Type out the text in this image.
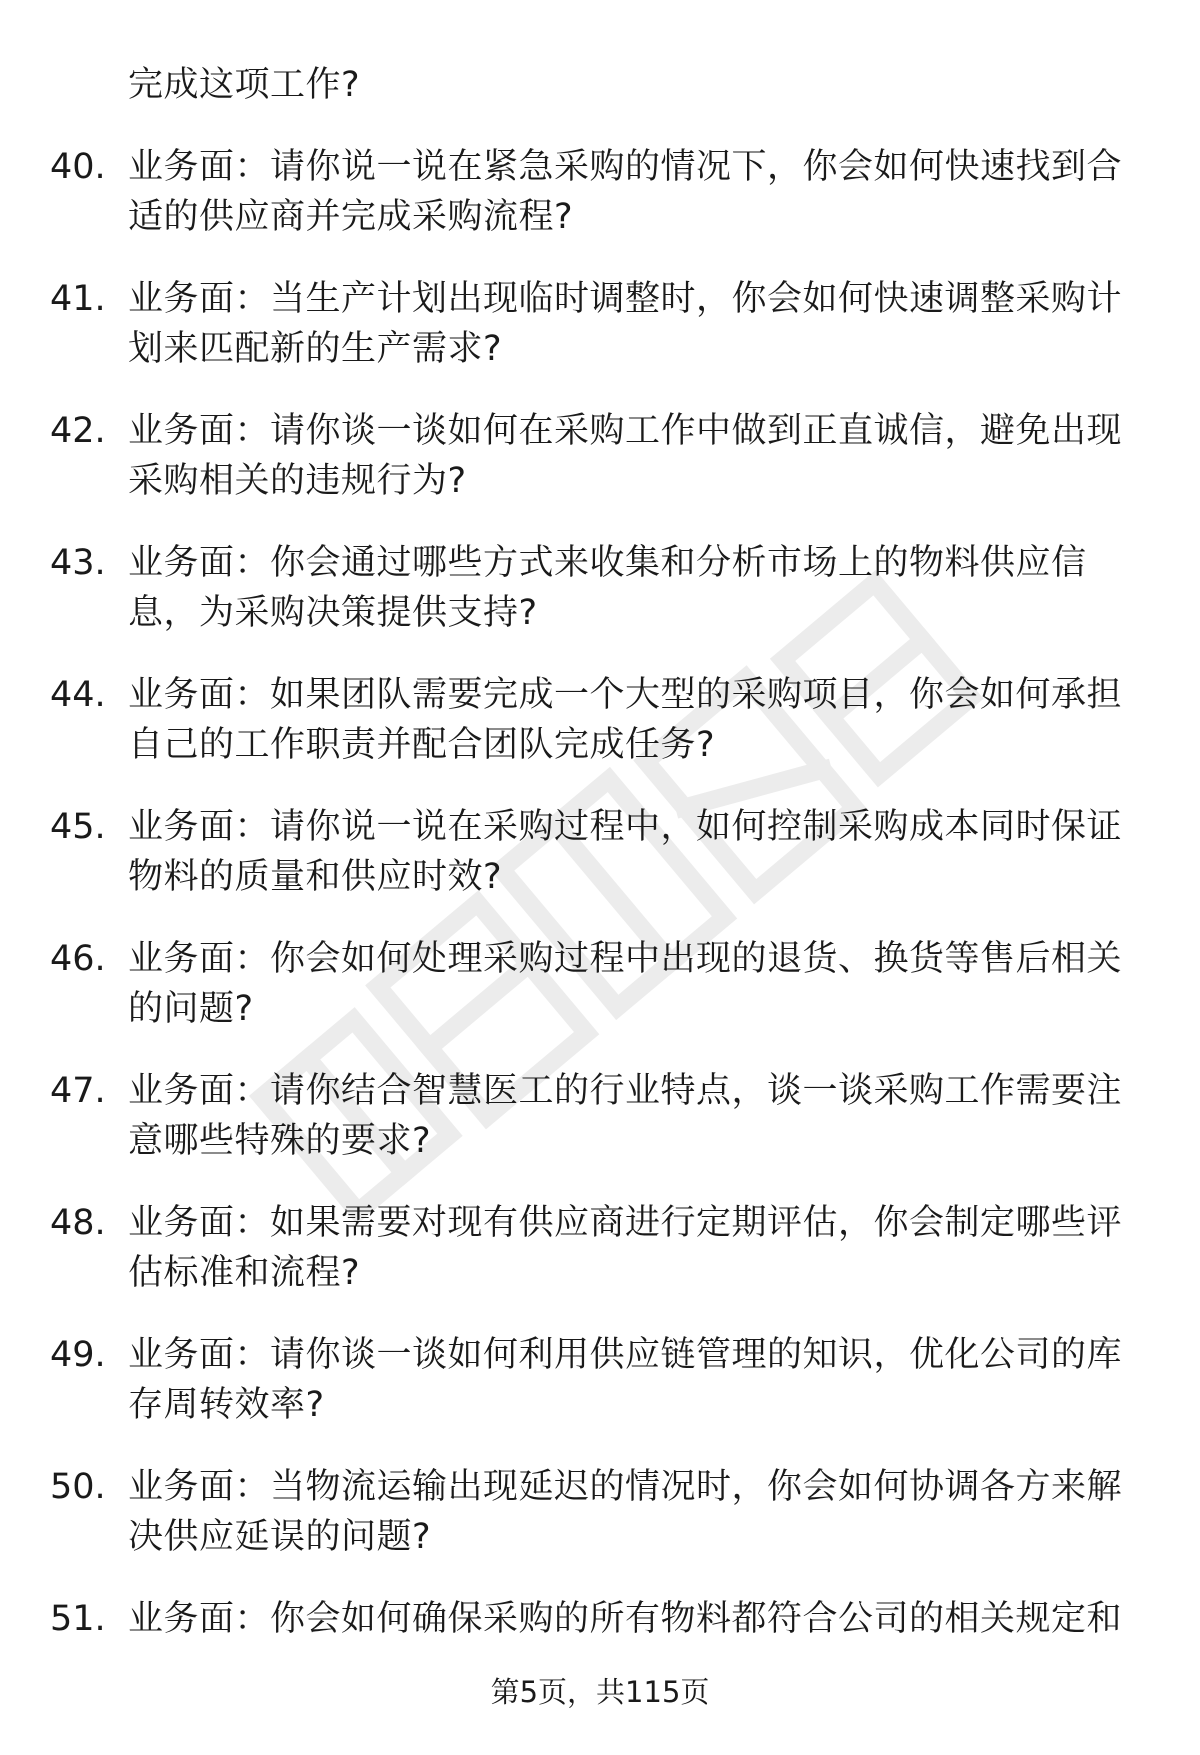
完成这项工作?
40. 业务面：请你说一说在紧急采购的情况下，你会如何快速找到合
适的供应商并完成采购流程?
41. 业务面：当生产计划出现临时调整时，你会如何快速调整采购计
划来匹配新的生产需求?
42. 业务面：请你谈一谈如何在采购工作中做到正直诚信，避免出现
采购相关的违规行为?
43. 业务面：你会通过哪些方式来收集和分析市场上的物料供应信
息，为采购决策提供支持?
44. 业务面：如果团队需要完成一个大型的采购项目，你会如何承担
自己的工作职责并配合团队完成任务?
45. 业务面：请你说一说在采购过程中，如何控制采购成本同时保证
物料的质量和供应时效?
46. 业务面：你会如何处理采购过程中出现的退货、换货等售后相关
的问题?
47. 业务面：请你结合智慧医工的行业特点，谈一谈采购工作需要注
意哪些特殊的要求?
48. 业务面：如果需要对现有供应商进行定期评估，你会制定哪些评
估标准和流程?
49. 业务面：请你谈一谈如何利用供应链管理的知识，优化公司的库
存周转效率?
50. 业务面：当物流运输出现延迟的情况时，你会如何协调各方来解
决供应延误的问题?
51. 业务面：你会如何确保采购的所有物料都符合公司的相关规定和
第5页，共115页
